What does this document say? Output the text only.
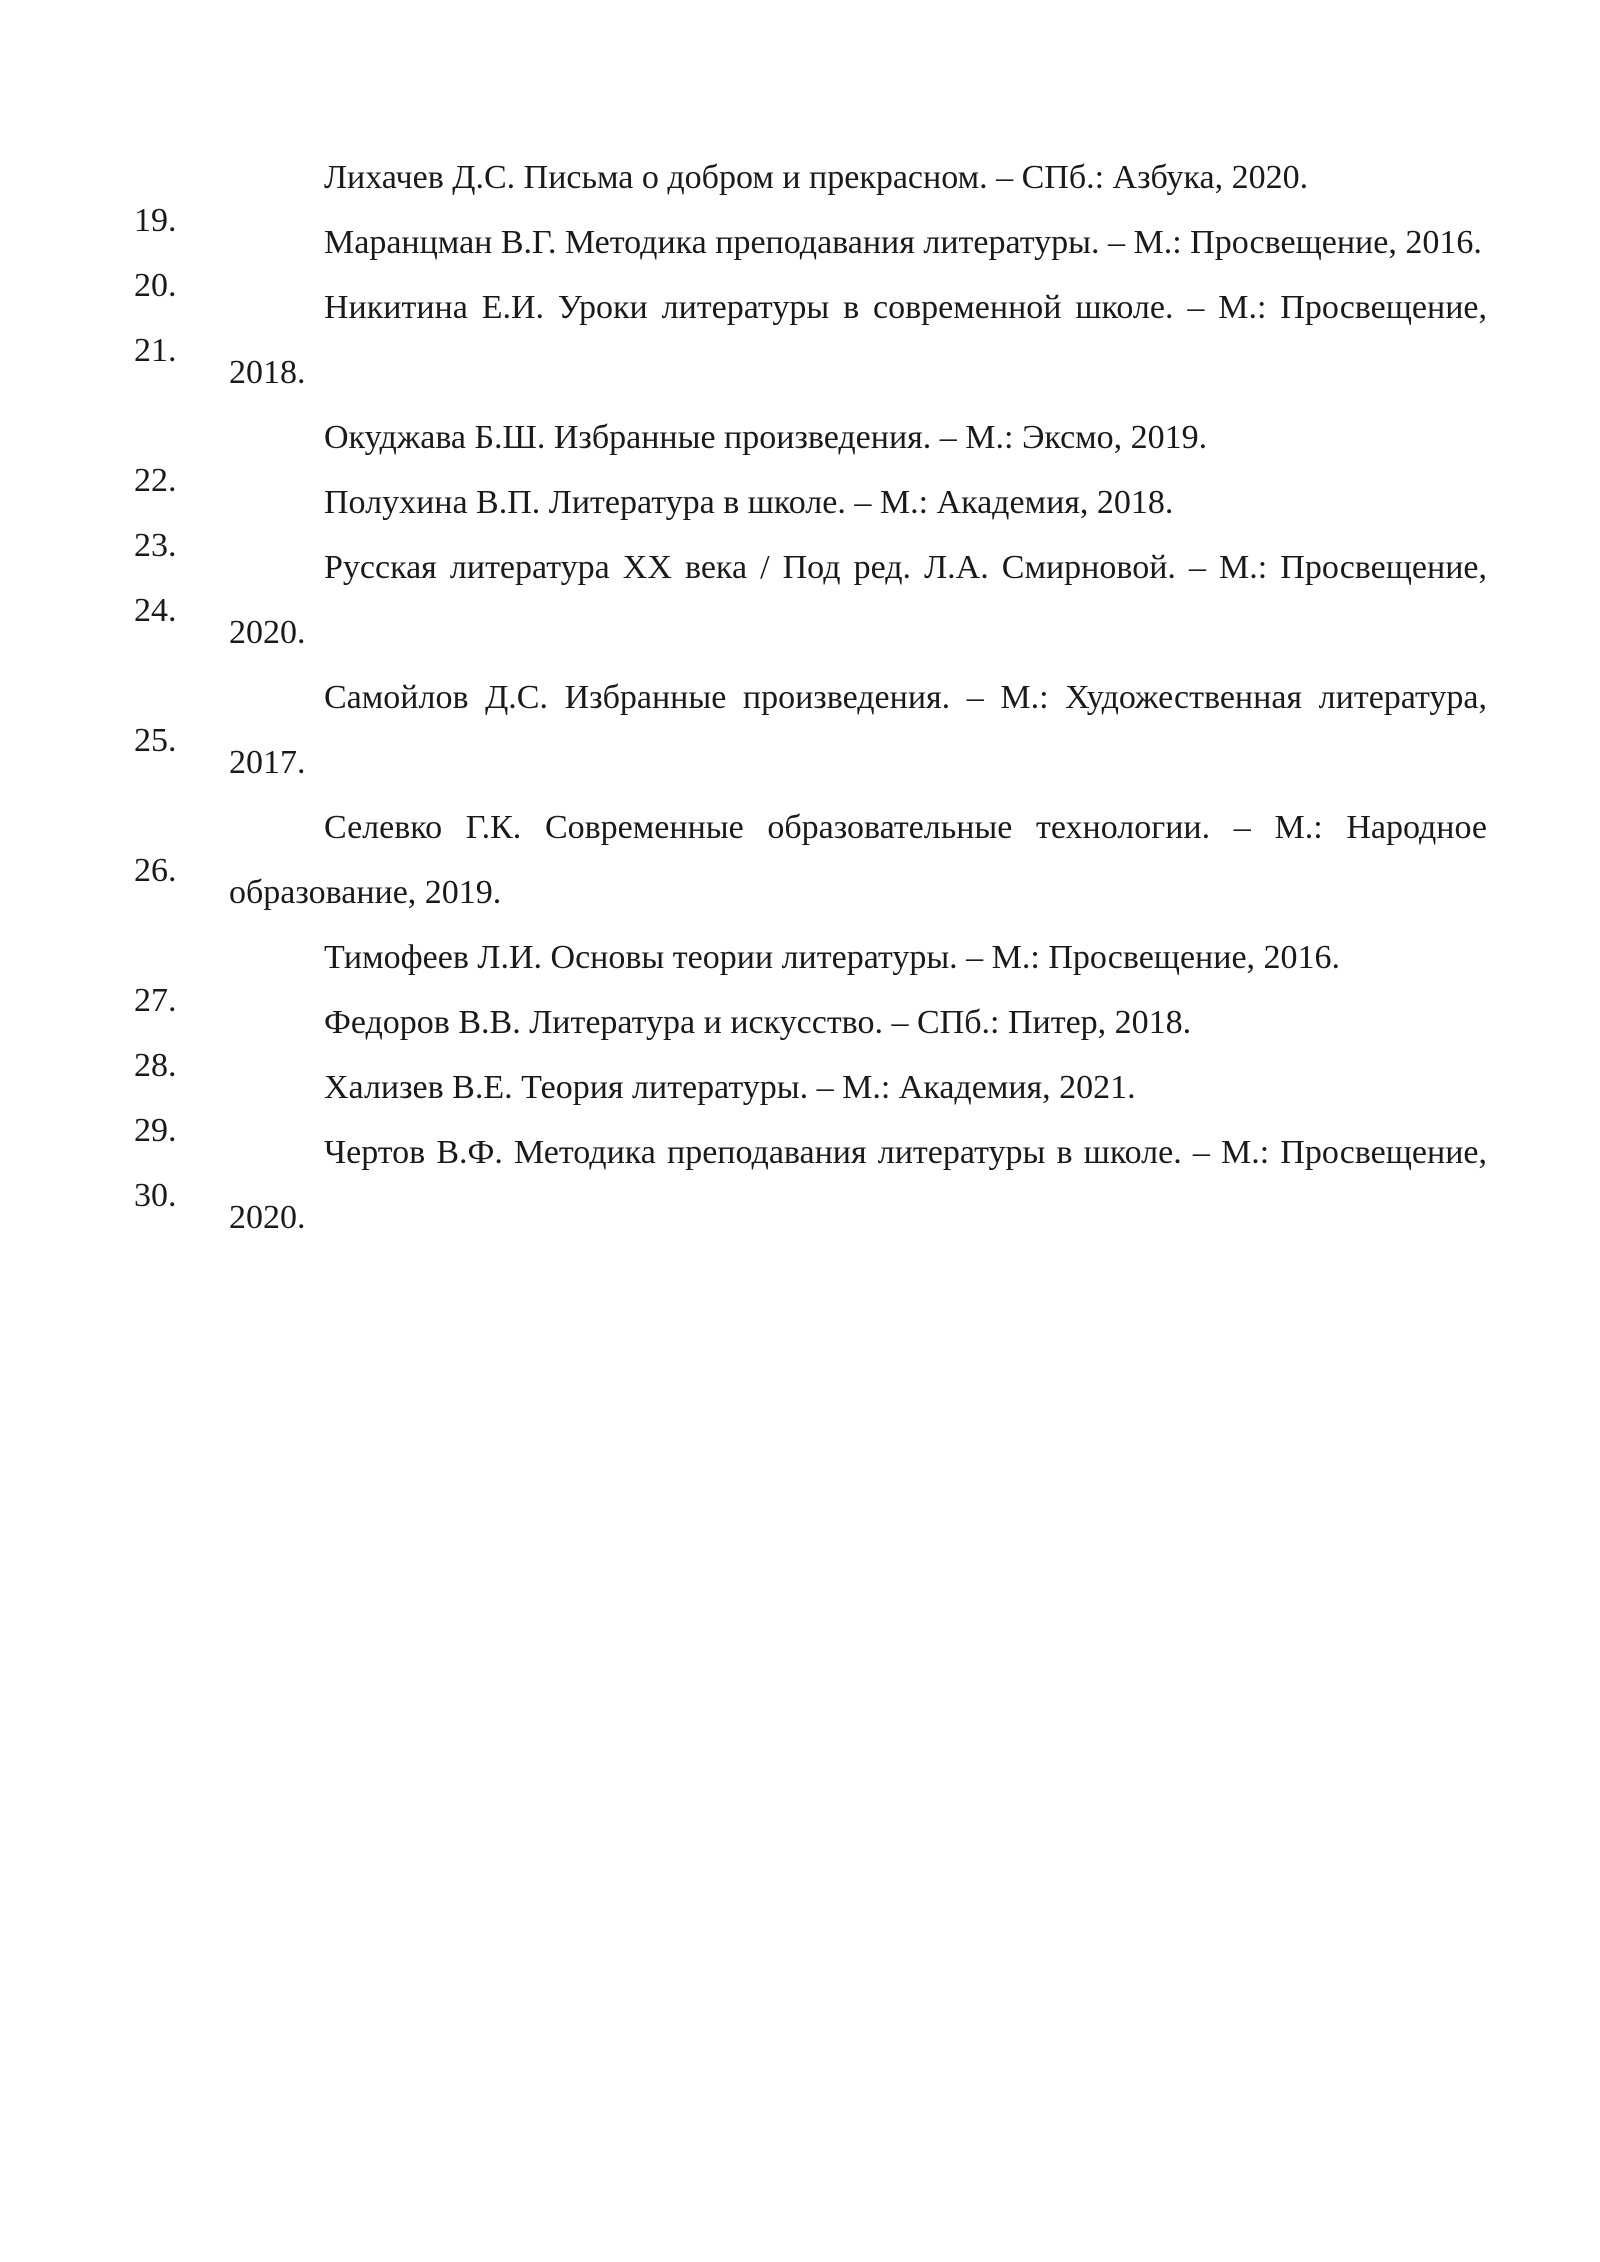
19.
Лихачев Д.С. Письма о добром и прекрасном. – СПб.: Азбука, 2020.
20.
Маранцман В.Г. Методика преподавания литературы. – М.: Просвещение, 2016.
21.
Никитина Е.И. Уроки литературы в современной школе. – М.: Просвещение, 2018.
22.
Окуджава Б.Ш. Избранные произведения. – М.: Эксмо, 2019.
23.
Полухина В.П. Литература в школе. – М.: Академия, 2018.
24.
Русская литература XX века / Под ред. Л.А. Смирновой. – М.: Просвещение, 2020.
25.
Самойлов Д.С. Избранные произведения. – М.: Художественная литература, 2017.
26.
Селевко Г.К. Современные образовательные технологии. – М.: Народное образование, 2019.
27.
Тимофеев Л.И. Основы теории литературы. – М.: Просвещение, 2016.
28.
Федоров В.В. Литература и искусство. – СПб.: Питер, 2018.
29.
Хализев В.Е. Теория литературы. – М.: Академия, 2021.
30.
Чертов В.Ф. Методика преподавания литературы в школе. – М.: Просвещение, 2020.
